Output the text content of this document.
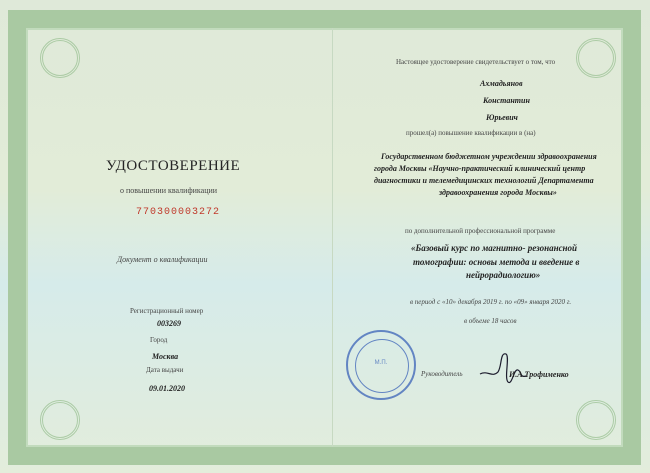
УДОСТОВЕРЕНИЕ
о повышении квалификации
770300003272
Документ о квалификации
Регистрационный номер
003269
Город
Москва
Дата выдачи
09.01.2020
Настоящее удостоверение свидетельствует о том, что
Ахмадьянов
Константин
Юрьевич
прошел(а) повышение квалификации в (на)
Государственном бюджетном учреждении здравоохранения
города Москвы «Научно-практический клинический центр
диагностики и телемедицинских технологий Департамента
здравоохранения города Москвы»
по дополнительной профессиональной программе
«Базовый курс по магнитно- резонансной
томографии: основы метода и введение в
нейрорадиологию»
в период с «10» декабря 2019 г. по «09» января 2020 г.
в объеме 18 часов
М.П.
Руководитель	И.А.Трофименко
